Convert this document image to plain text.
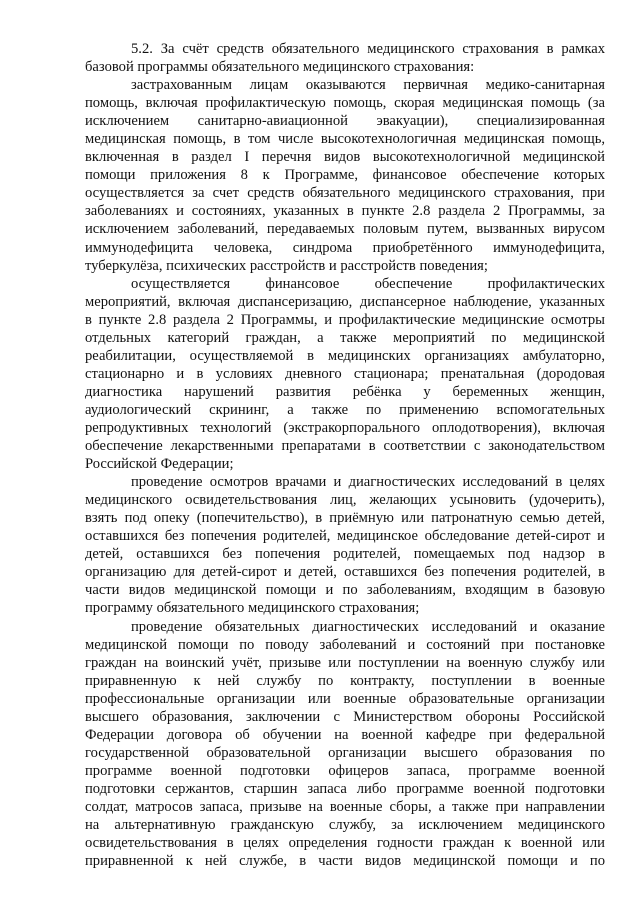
5.2. За счёт средств обязательного медицинского страхования в рамках
базовой программы обязательного медицинского страхования:
застрахованным лицам оказываются первичная медико-санитарная
помощь, включая профилактическую помощь, скорая медицинская помощь (за
исключением санитарно-авиационной эвакуации), специализированная
медицинская помощь, в том числе высокотехнологичная медицинская помощь,
включенная в раздел I перечня видов высокотехнологичной медицинской
помощи приложения 8 к Программе, финансовое обеспечение которых
осуществляется за счет средств обязательного медицинского страхования, при
заболеваниях и состояниях, указанных в пункте 2.8 раздела 2 Программы, за
исключением заболеваний, передаваемых половым путем, вызванных вирусом
иммунодефицита человека, синдрома приобретённого иммунодефицита,
туберкулёза, психических расстройств и расстройств поведения;
осуществляется финансовое обеспечение профилактических
мероприятий, включая диспансеризацию, диспансерное наблюдение, указанных
в пункте 2.8 раздела 2 Программы, и профилактические медицинские осмотры
отдельных категорий граждан, а также мероприятий по медицинской
реабилитации, осуществляемой в медицинских организациях амбулаторно,
стационарно и в условиях дневного стационара; пренатальная (дородовая
диагностика нарушений развития ребёнка у беременных женщин,
аудиологический скрининг, а также по применению вспомогательных
репродуктивных технологий (экстракорпорального оплодотворения), включая
обеспечение лекарственными препаратами в соответствии с законодательством
Российской Федерации;
проведение осмотров врачами и диагностических исследований в целях
медицинского освидетельствования лиц, желающих усыновить (удочерить),
взять под опеку (попечительство), в приёмную или патронатную семью детей,
оставшихся без попечения родителей, медицинское обследование детей-сирот и
детей, оставшихся без попечения родителей, помещаемых под надзор в
организацию для детей-сирот и детей, оставшихся без попечения родителей, в
части видов медицинской помощи и по заболеваниям, входящим в базовую
программу обязательного медицинского страхования;
проведение обязательных диагностических исследований и оказание
медицинской помощи по поводу заболеваний и состояний при постановке
граждан на воинский учёт, призыве или поступлении на военную службу или
приравненную к ней службу по контракту, поступлении в военные
профессиональные организации или военные образовательные организации
высшего образования, заключении с Министерством обороны Российской
Федерации договора об обучении на военной кафедре при федеральной
государственной образовательной организации высшего образования по
программе военной подготовки офицеров запаса, программе военной
подготовки сержантов, старшин запаса либо программе военной подготовки
солдат, матросов запаса, призыве на военные сборы, а также при направлении
на альтернативную гражданскую службу, за исключением медицинского
освидетельствования в целях определения годности граждан к военной или
приравненной к ней службе, в части видов медицинской помощи и по
